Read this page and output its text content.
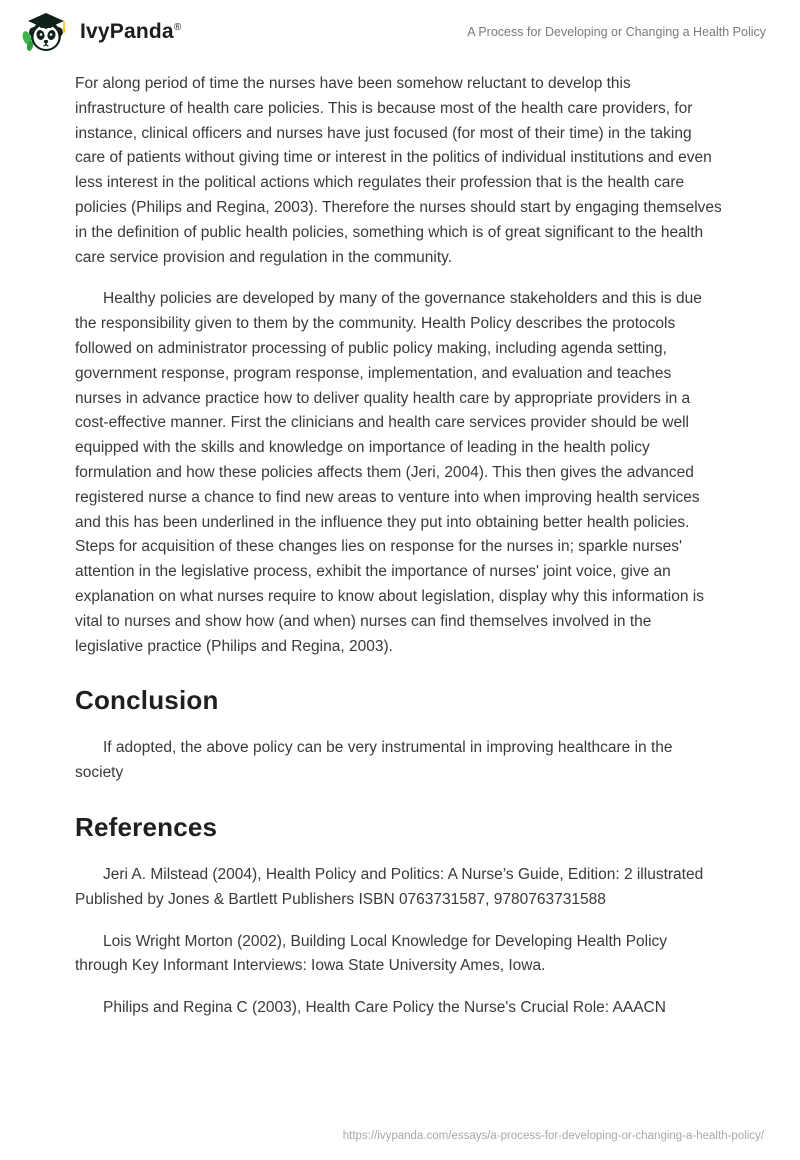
IvyPanda®	A Process for Developing or Changing a Health Policy

For along period of time the nurses have been somehow reluctant to develop this infrastructure of health care policies. This is because most of the health care providers, for instance, clinical officers and nurses have just focused (for most of their time) in the taking care of patients without giving time or interest in the politics of individual institutions and even less interest in the political actions which regulates their profession that is the health care policies (Philips and Regina, 2003). Therefore the nurses should start by engaging themselves in the definition of public health policies, something which is of great significant to the health care service provision and regulation in the community.

Healthy policies are developed by many of the governance stakeholders and this is due the responsibility given to them by the community. Health Policy describes the protocols followed on administrator processing of public policy making, including agenda setting, government response, program response, implementation, and evaluation and teaches nurses in advance practice how to deliver quality health care by appropriate providers in a cost-effective manner. First the clinicians and health care services provider should be well equipped with the skills and knowledge on importance of leading in the health policy formulation and how these policies affects them (Jeri, 2004). This then gives the advanced registered nurse a chance to find new areas to venture into when improving health services and this has been underlined in the influence they put into obtaining better health policies. Steps for acquisition of these changes lies on response for the nurses in; sparkle nurses' attention in the legislative process, exhibit the importance of nurses' joint voice, give an explanation on what nurses require to know about legislation, display why this information is vital to nurses and show how (and when) nurses can find themselves involved in the legislative practice (Philips and Regina, 2003).

Conclusion

If adopted, the above policy can be very instrumental in improving healthcare in the society

References

Jeri A. Milstead (2004), Health Policy and Politics: A Nurse’s Guide, Edition: 2 illustrated Published by Jones & Bartlett Publishers ISBN 0763731587, 9780763731588

Lois Wright Morton (2002), Building Local Knowledge for Developing Health Policy through Key Informant Interviews: Iowa State University Ames, Iowa.

Philips and Regina C (2003), Health Care Policy the Nurse's Crucial Role: AAACN

https://ivypanda.com/essays/a-process-for-developing-or-changing-a-health-policy/
